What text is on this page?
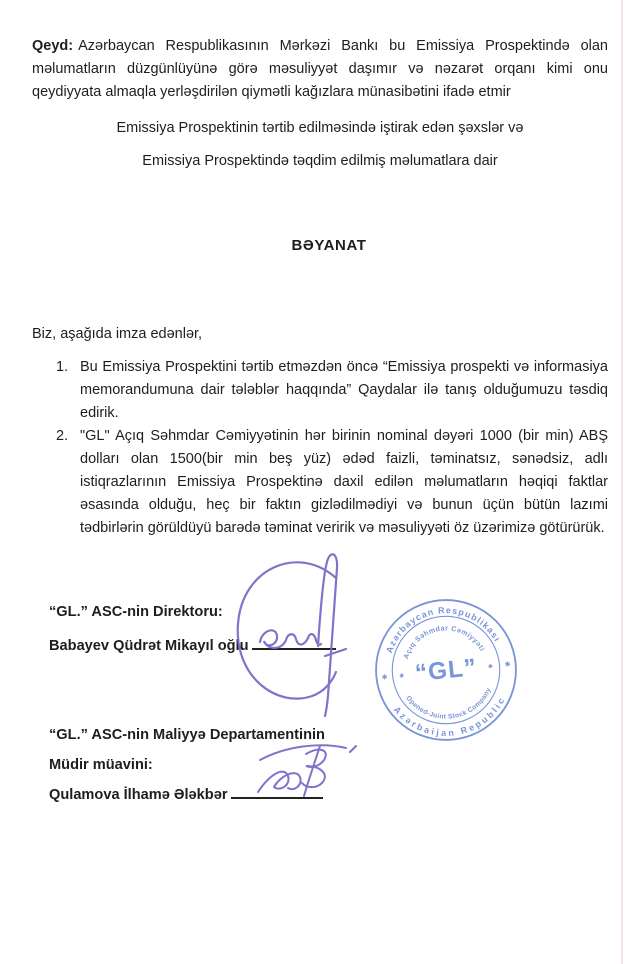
Qeyd: Azərbaycan Respublikasının Mərkəzi Bankı bu Emissiya Prospektində olan məlumatların düzgünlüyünə görə məsuliyyət daşımır və nəzarət orqanı kimi onu qeydiyyata almaqla yerləşdirilən qiymətli kağızlara münasibətini ifadə etmir

Emissiya Prospektinin tərtib edilməsində iştirak edən şəxslər və
Emissiya Prospektində təqdim edilmiş məlumatlara dair
BƏYANAT
Biz, aşağıda imza edənlər,
1. Bu Emissiya Prospektini tərtib etməzdən öncə “Emissiya prospekti və informasiya memorandumuna dair tələblər haqqında” Qaydalar ilə tanış olduğumuzu təsdiq edirik.
2. "GL" Açıq Səhmdar Cəmiyyətinin hər birinin nominal dəyəri 1000 (bir min) ABŞ dolları olan 1500(bir min beş yüz) ədəd faizli, təminatsız, sənədsiz, adlı istiqrazlarının Emissiya Prospektinə daxil edilən məlumatların həqiqi faktlar əsasında olduğu, heç bir faktın gizlədilmədiyi və bunun üçün bütün lazımi tədbirlərin görüldüyü barədə təminat veririk və məsuliyyəti öz üzərimizə götürürük.

“GL.” ASC-nin Direktoru:

Babayev Qüdrət Mikayıl oğlu	Azərbaycan Respublikası
Azərbaijan Republic
Açıq Səhmdar Cəmiyyəti
Opened-Joint Stock Company
✱
✱
✱
✱
“GL”

“GL.” ASC-nin Maliyyə Departamentinin

Müdir müavini:

Qulamova İlhamə Ələkbər
